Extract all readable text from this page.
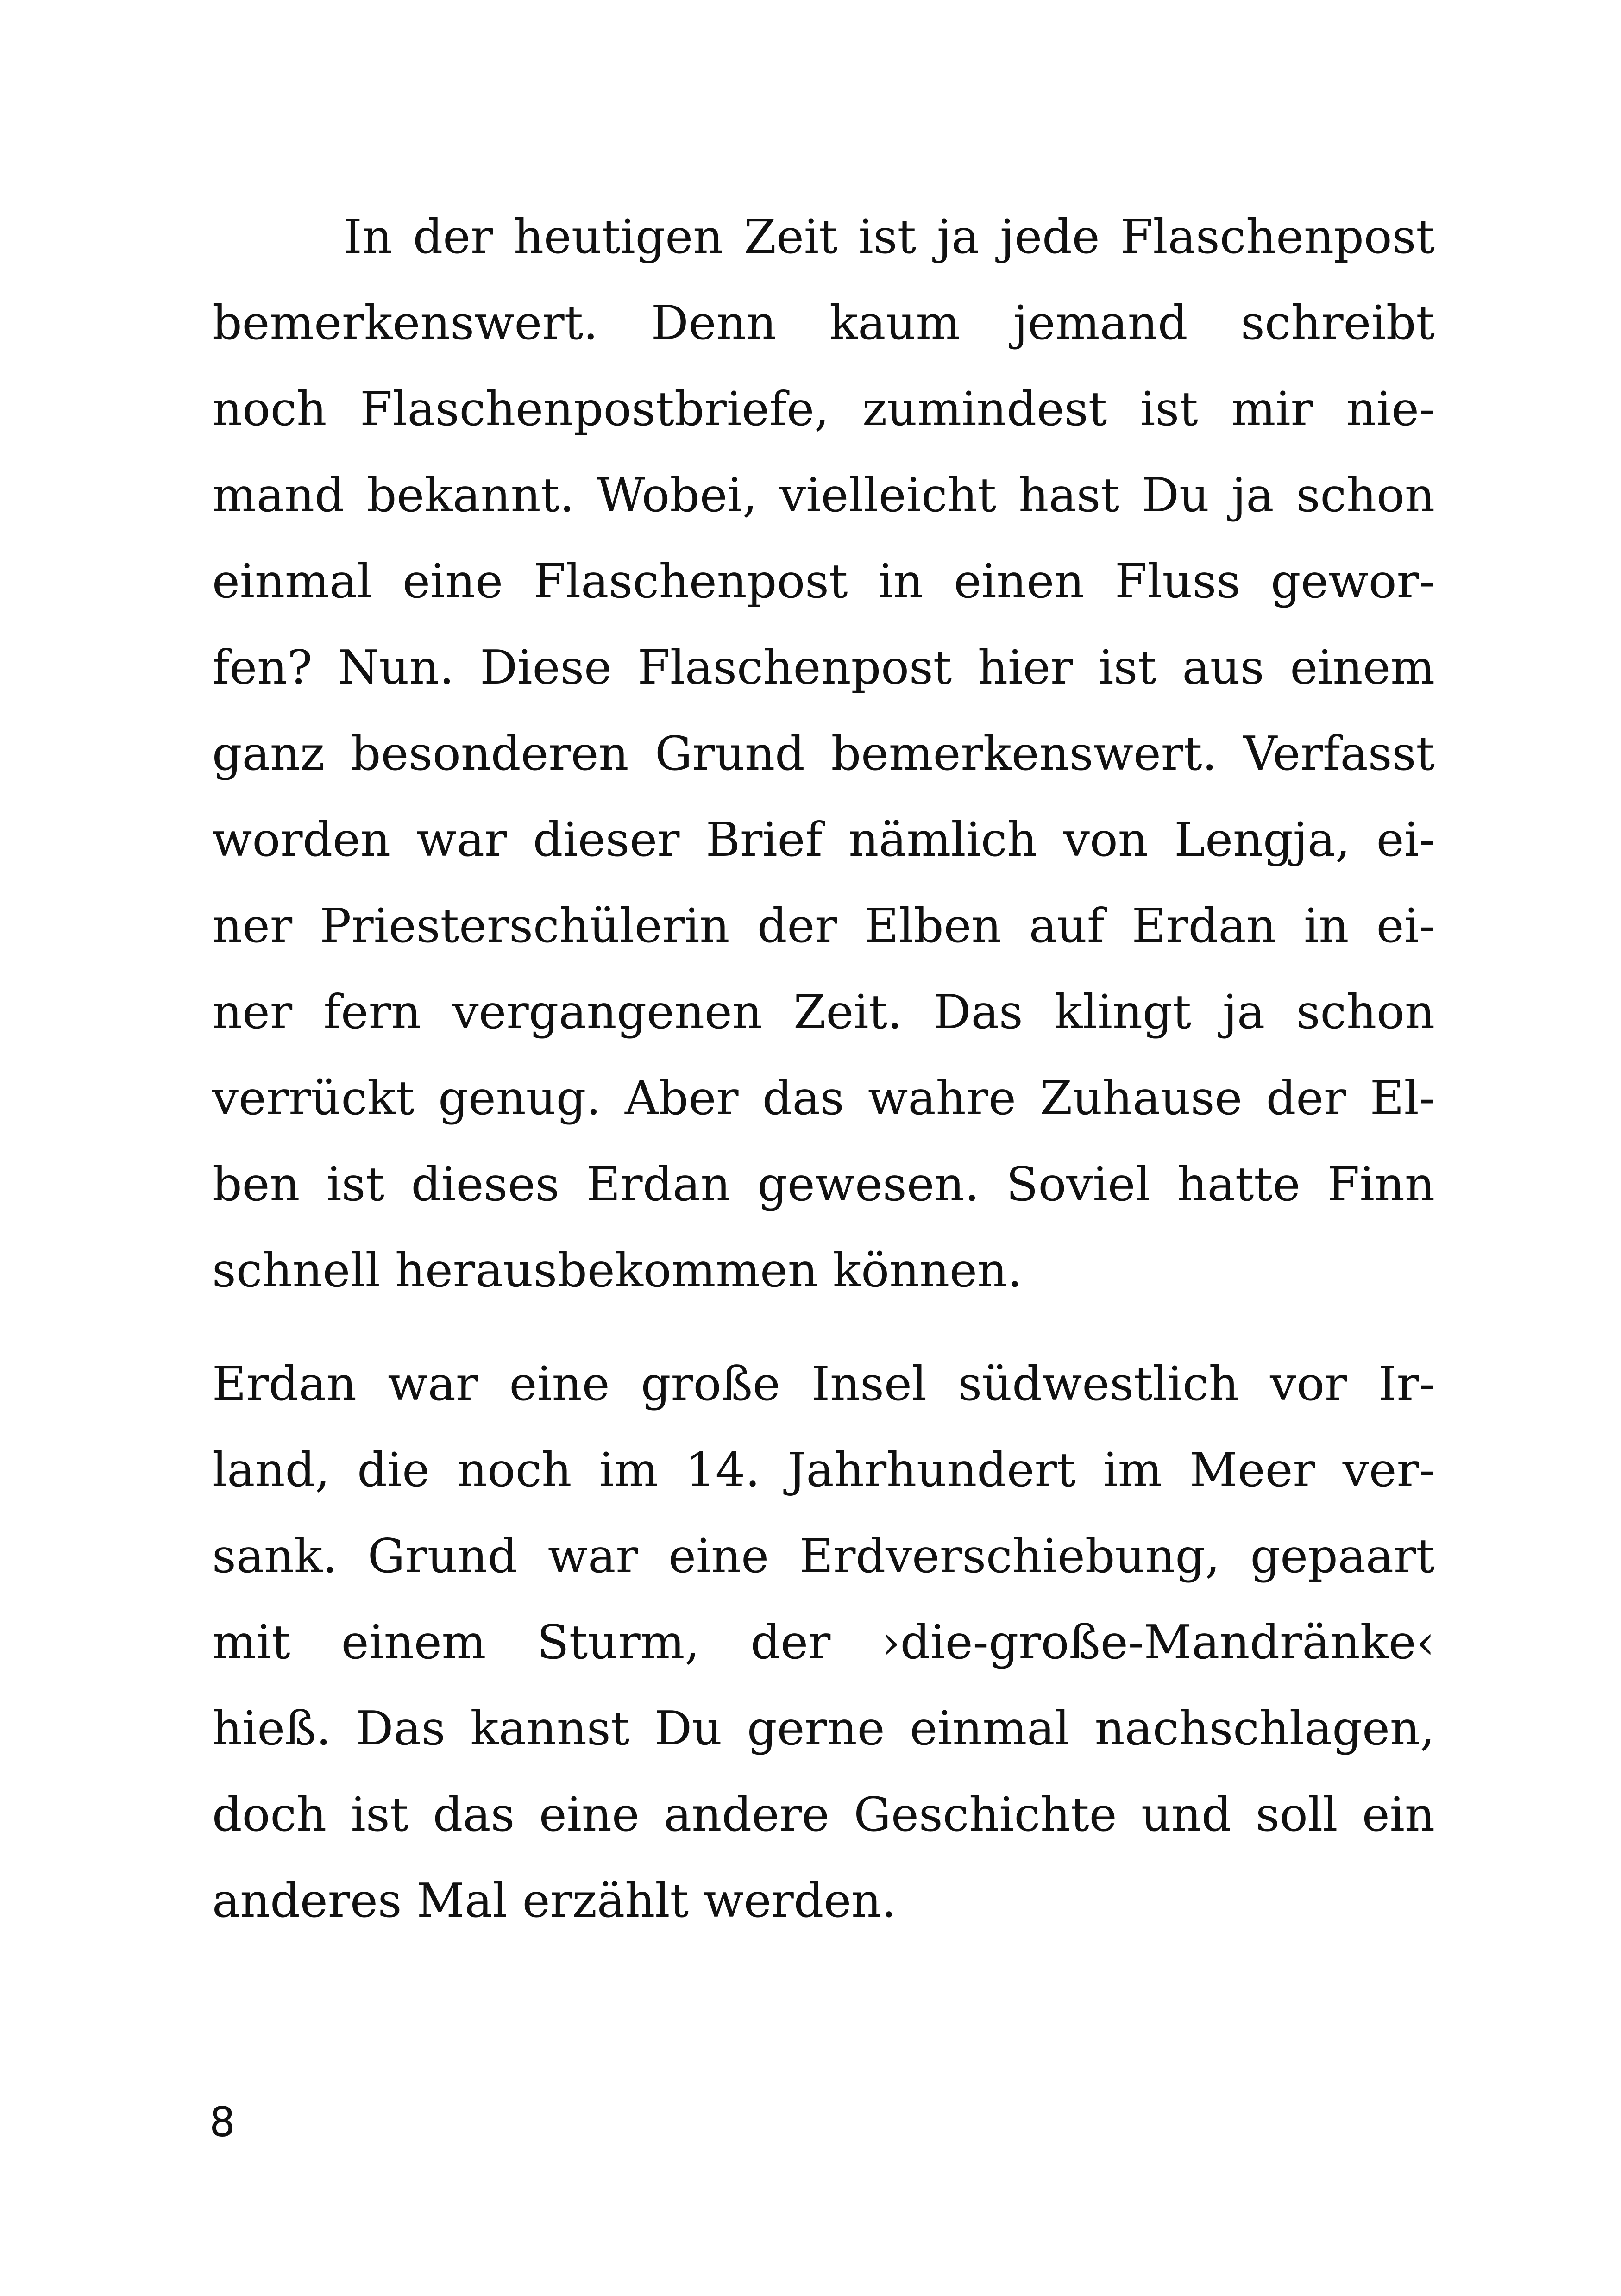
In der heutigen Zeit ist ja jede Flaschenpost
bemerkenswert. Denn kaum jemand schreibt
noch Flaschenpostbriefe, zumindest ist mir nie-
mand bekannt. Wobei, vielleicht hast Du ja schon
einmal eine Flaschenpost in einen Fluss gewor-
fen? Nun. Diese Flaschenpost hier ist aus einem
ganz besonderen Grund bemerkenswert. Verfasst
worden war dieser Brief nämlich von Lengja, ei-
ner Priesterschülerin der Elben auf Erdan in ei-
ner fern vergangenen Zeit. Das klingt ja schon
verrückt genug. Aber das wahre Zuhause der El-
ben ist dieses Erdan gewesen. Soviel hatte Finn
schnell herausbekommen können.
Erdan war eine große Insel südwestlich vor Ir-
land, die noch im 14. Jahrhundert im Meer ver-
sank. Grund war eine Erdverschiebung, gepaart
mit einem Sturm, der ›die-große-Mandränke‹
hieß. Das kannst Du gerne einmal nachschlagen,
doch ist das eine andere Geschichte und soll ein
anderes Mal erzählt werden.
8
